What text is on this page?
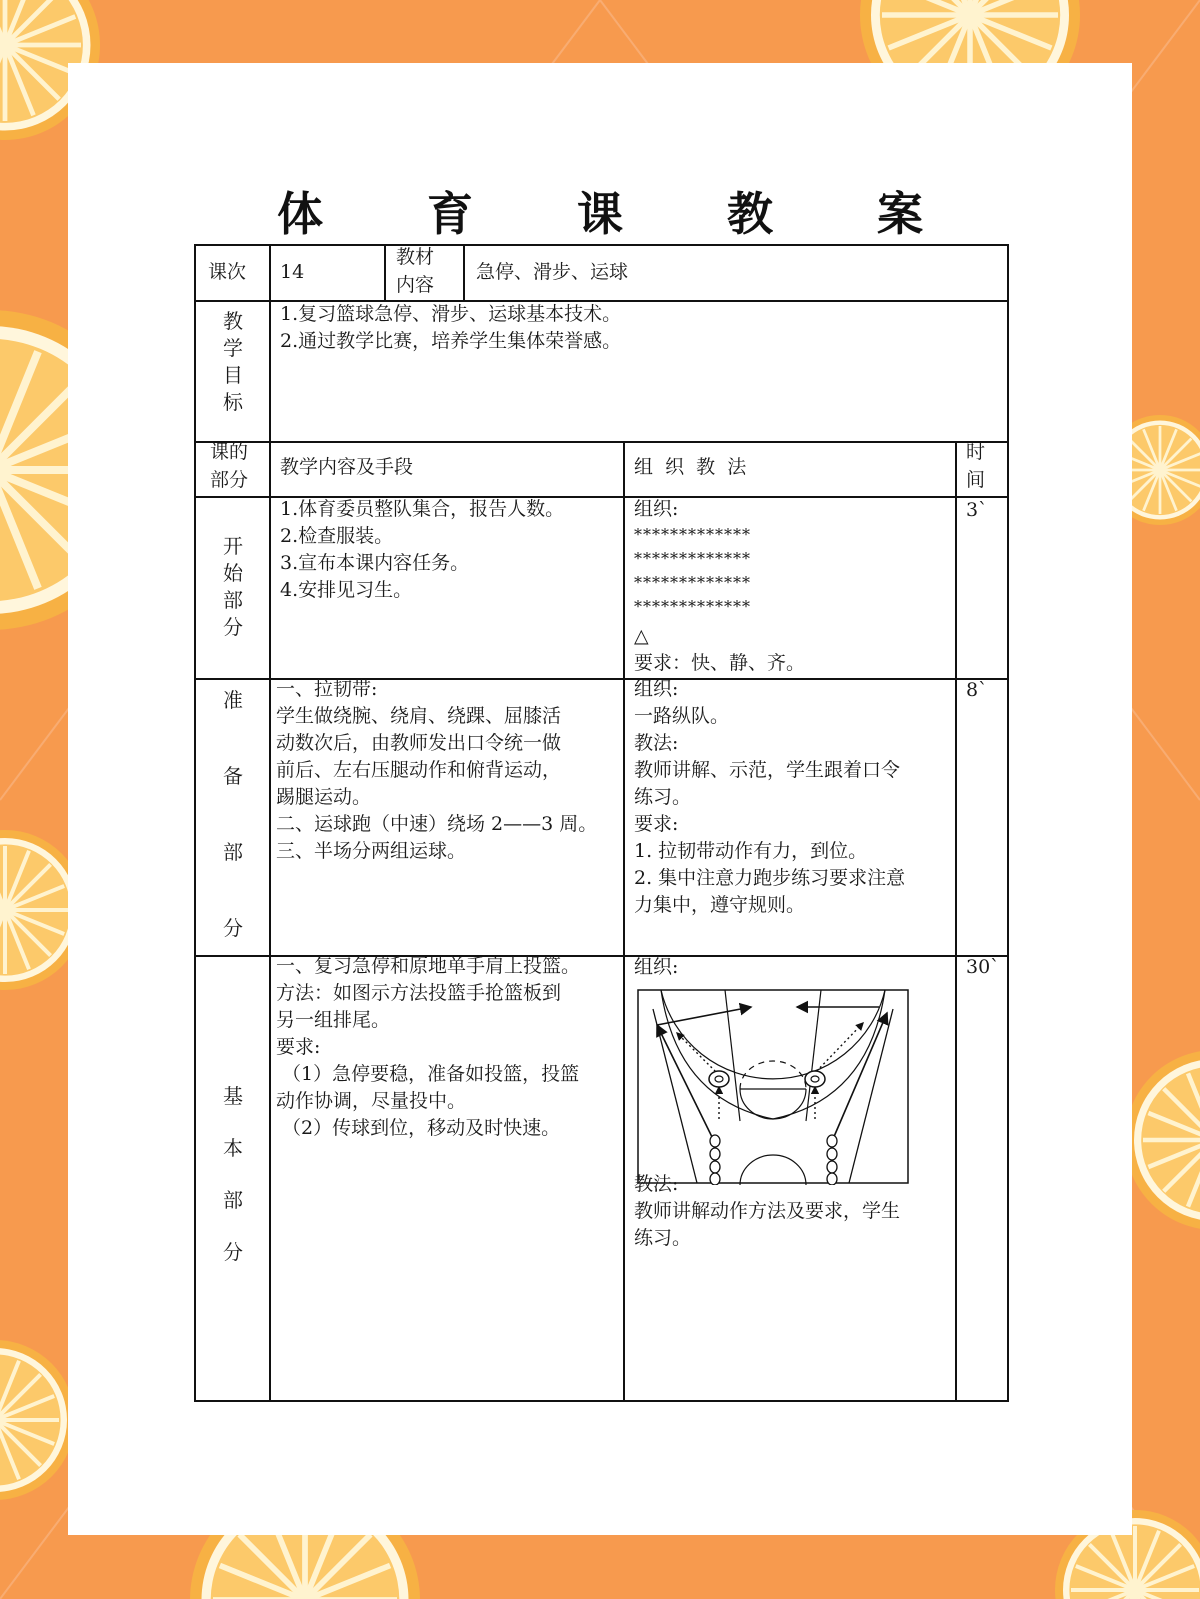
体 育 课 教 案
课次 14
教材
内容
急停、滑步、运球
教
学
目
标
1.复习篮球急停、滑步、运球基本技术。
2.通过教学比赛，培养学生集体荣誉感。
课的
部分
教学内容及手段	组  织  教  法
时
间
开
始
部
分
1.体育委员整队集合，报告人数。
2.检查服装。
3.宣布本课内容任务。
4.安排见习生。
组织:
*************
*************
*************
*************
△
要求：快、静、齐。
3`
准
备
部
分
一、拉韧带:
学生做绕腕、绕肩、绕踝、屈膝活
动数次后，由教师发出口令统一做
前后、左右压腿动作和俯背运动，
踢腿运动。
二、运球跑（中速）绕场 2——3 周。
三、半场分两组运球。
组织:
一路纵队。
教法:
教师讲解、示范，学生跟着口令
练习。
要求:
1. 拉韧带动作有力，到位。
2. 集中注意力跑步练习要求注意
力集中，遵守规则。
8`
基
本
部
分
一、复习急停和原地单手肩上投篮。
方法：如图示方法投篮手抢篮板到
另一组排尾。
要求:
（1）急停要稳，准备如投篮，投篮
动作协调，尽量投中。
（2）传球到位，移动及时快速。
组织:
教法:
教师讲解动作方法及要求，学生
练习。
30`
